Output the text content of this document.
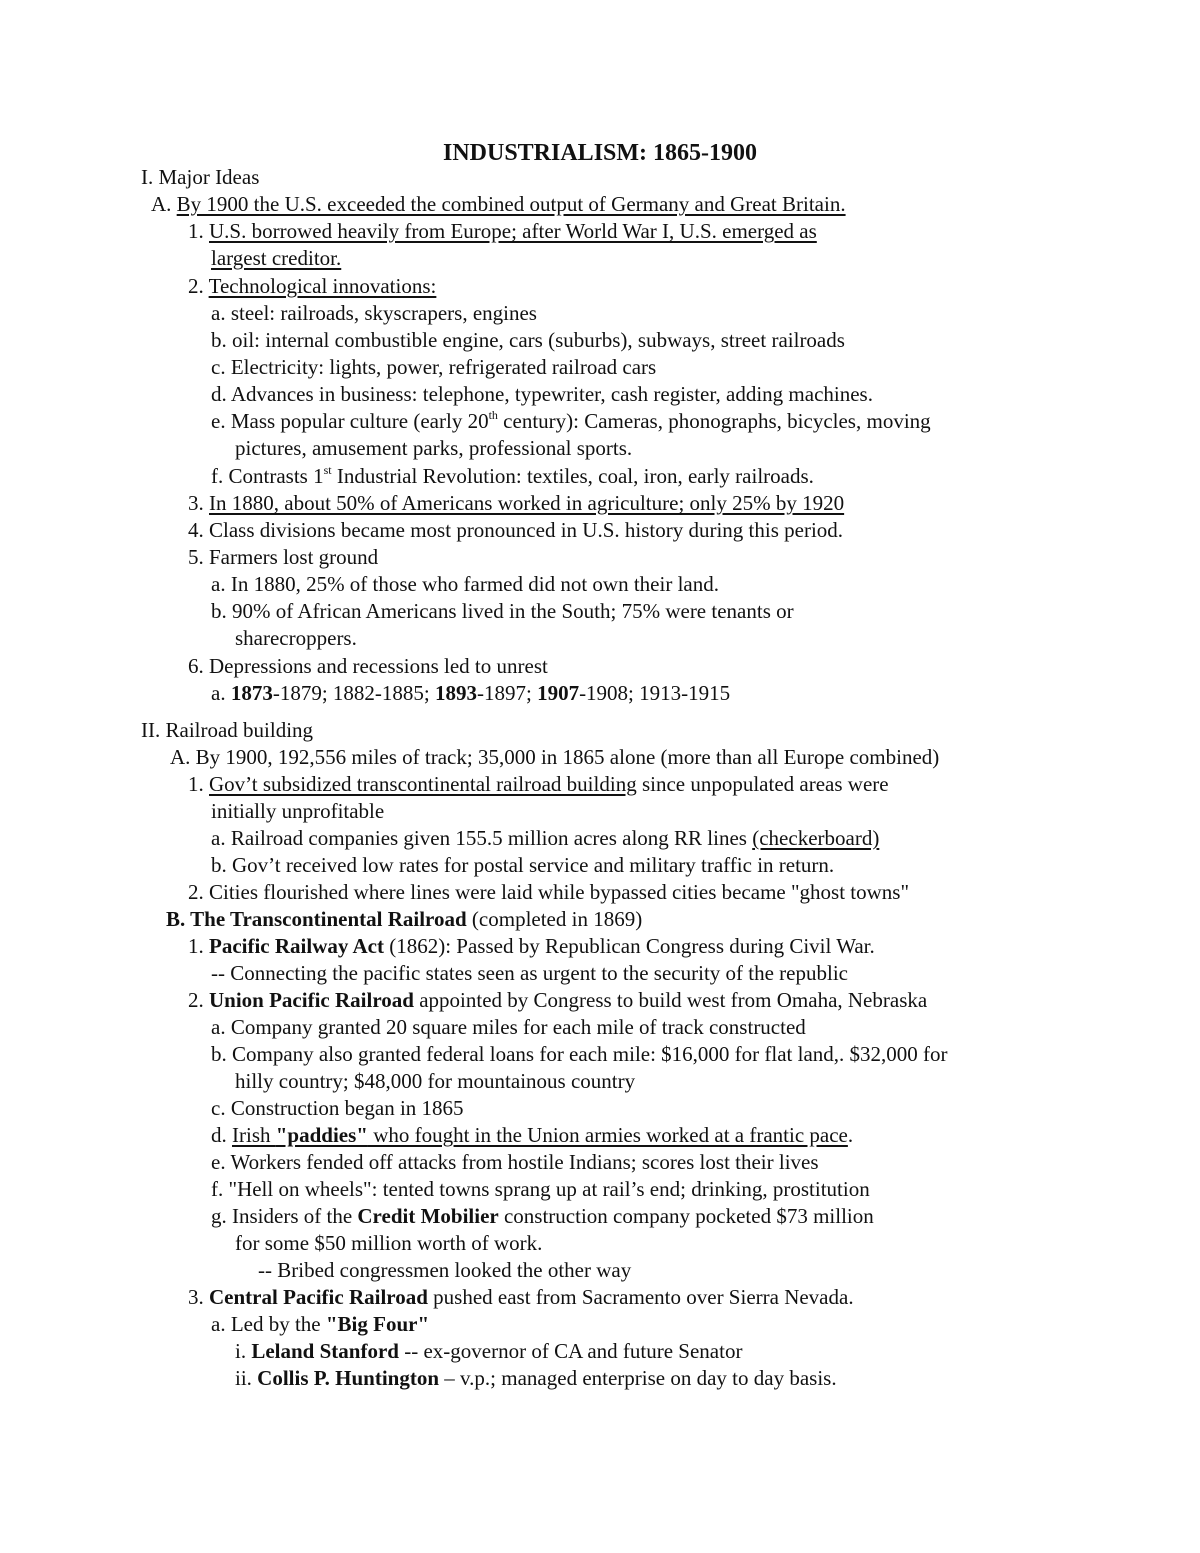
INDUSTRIALISM: 1865-1900
I. Major Ideas
A. By 1900 the U.S. exceeded the combined output of Germany and Great Britain.
1. U.S. borrowed heavily from Europe; after World War I, U.S. emerged as
largest creditor.
2. Technological innovations:
a. steel: railroads, skyscrapers, engines
b. oil: internal combustible engine, cars (suburbs), subways, street railroads
c. Electricity: lights, power, refrigerated railroad cars
d. Advances in business: telephone, typewriter, cash register, adding machines.
e. Mass popular culture (early 20th century): Cameras, phonographs, bicycles, moving
pictures, amusement parks, professional sports.
f. Contrasts 1st Industrial Revolution: textiles, coal, iron, early railroads.
3. In 1880, about 50% of Americans worked in agriculture; only 25% by 1920
4. Class divisions became most pronounced in U.S. history during this period.
5. Farmers lost ground
a. In 1880, 25% of those who farmed did not own their land.
b. 90% of African Americans lived in the South; 75% were tenants or
sharecroppers.
6. Depressions and recessions led to unrest
a. 1873-1879; 1882-1885; 1893-1897; 1907-1908; 1913-1915
II. Railroad building
A. By 1900, 192,556 miles of track; 35,000 in 1865 alone (more than all Europe combined)
1. Gov’t subsidized transcontinental railroad building since unpopulated areas were
initially unprofitable
a. Railroad companies given 155.5 million acres along RR lines (checkerboard)
b. Gov’t received low rates for postal service and military traffic in return.
2. Cities flourished where lines were laid while bypassed cities became "ghost towns"
B. The Transcontinental Railroad (completed in 1869)
1. Pacific Railway Act (1862): Passed by Republican Congress during Civil War.
-- Connecting the pacific states seen as urgent to the security of the republic
2. Union Pacific Railroad appointed by Congress to build west from Omaha, Nebraska
a. Company granted 20 square miles for each mile of track constructed
b. Company also granted federal loans for each mile: $16,000 for flat land,. $32,000 for
hilly country; $48,000 for mountainous country
c. Construction began in 1865
d. Irish "paddies" who fought in the Union armies worked at a frantic pace.
e. Workers fended off attacks from hostile Indians; scores lost their lives
f. "Hell on wheels": tented towns sprang up at rail’s end; drinking, prostitution
g. Insiders of the Credit Mobilier construction company pocketed $73 million
for some $50 million worth of work.
-- Bribed congressmen looked the other way
3. Central Pacific Railroad pushed east from Sacramento over Sierra Nevada.
a. Led by the "Big Four"
i. Leland Stanford -- ex-governor of CA and future Senator
ii. Collis P. Huntington – v.p.; managed enterprise on day to day basis.
